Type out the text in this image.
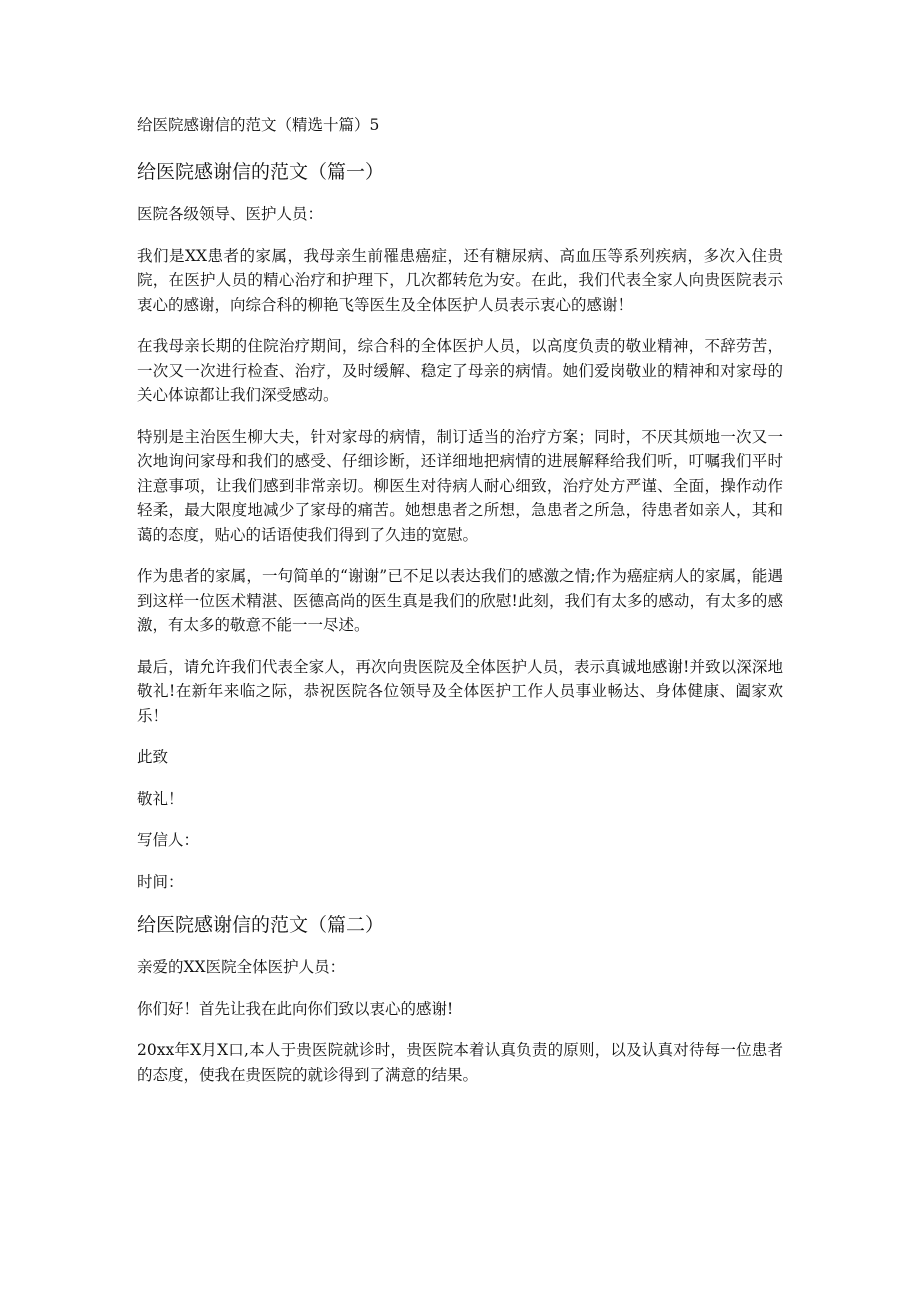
给医院感谢信的范文（精选十篇）5
给医院感谢信的范文（篇一）

医院各级领导、医护人员：

我们是XX患者的家属，我母亲生前罹患癌症，还有糖尿病、高血压等系列疾病，多次入住贵院，在医护人员的精心治疗和护理下，几次都转危为安。在此，我们代表全家人向贵医院表示衷心的感谢，向综合科的柳艳飞等医生及全体医护人员表示衷心的感谢！

在我母亲长期的住院治疗期间，综合科的全体医护人员，以高度负责的敬业精神，不辞劳苦，一次又一次进行检查、治疗，及时缓解、稳定了母亲的病情。她们爱岗敬业的精神和对家母的关心体谅都让我们深受感动。

特别是主治医生柳大夫，针对家母的病情，制订适当的治疗方案；同时，不厌其烦地一次又一次地询问家母和我们的感受、仔细诊断，还详细地把病情的进展解释给我们听，叮嘱我们平时注意事项，让我们感到非常亲切。柳医生对待病人耐心细致，治疗处方严谨、全面，操作动作轻柔，最大限度地减少了家母的痛苦。她想患者之所想，急患者之所急，待患者如亲人，其和蔼的态度，贴心的话语使我们得到了久违的宽慰。

作为患者的家属，一句简单的“谢谢”已不足以表达我们的感激之情;作为癌症病人的家属，能遇到这样一位医术精湛、医德高尚的医生真是我们的欣慰!此刻，我们有太多的感动，有太多的感激，有太多的敬意不能一一尽述。

最后，请允许我们代表全家人，再次向贵医院及全体医护人员，表示真诚地感谢!并致以深深地敬礼!在新年来临之际，恭祝医院各位领导及全体医护工作人员事业畅达、身体健康、阖家欢乐！

此致

敬礼！

写信人：

时间：

给医院感谢信的范文（篇二）

亲爱的XX医院全体医护人员：

你们好！首先让我在此向你们致以衷心的感谢!

20xx年X月X口,本人于贵医院就诊时，贵医院本着认真负责的原则，以及认真对待每一位患者的态度，使我在贵医院的就诊得到了满意的结果。
